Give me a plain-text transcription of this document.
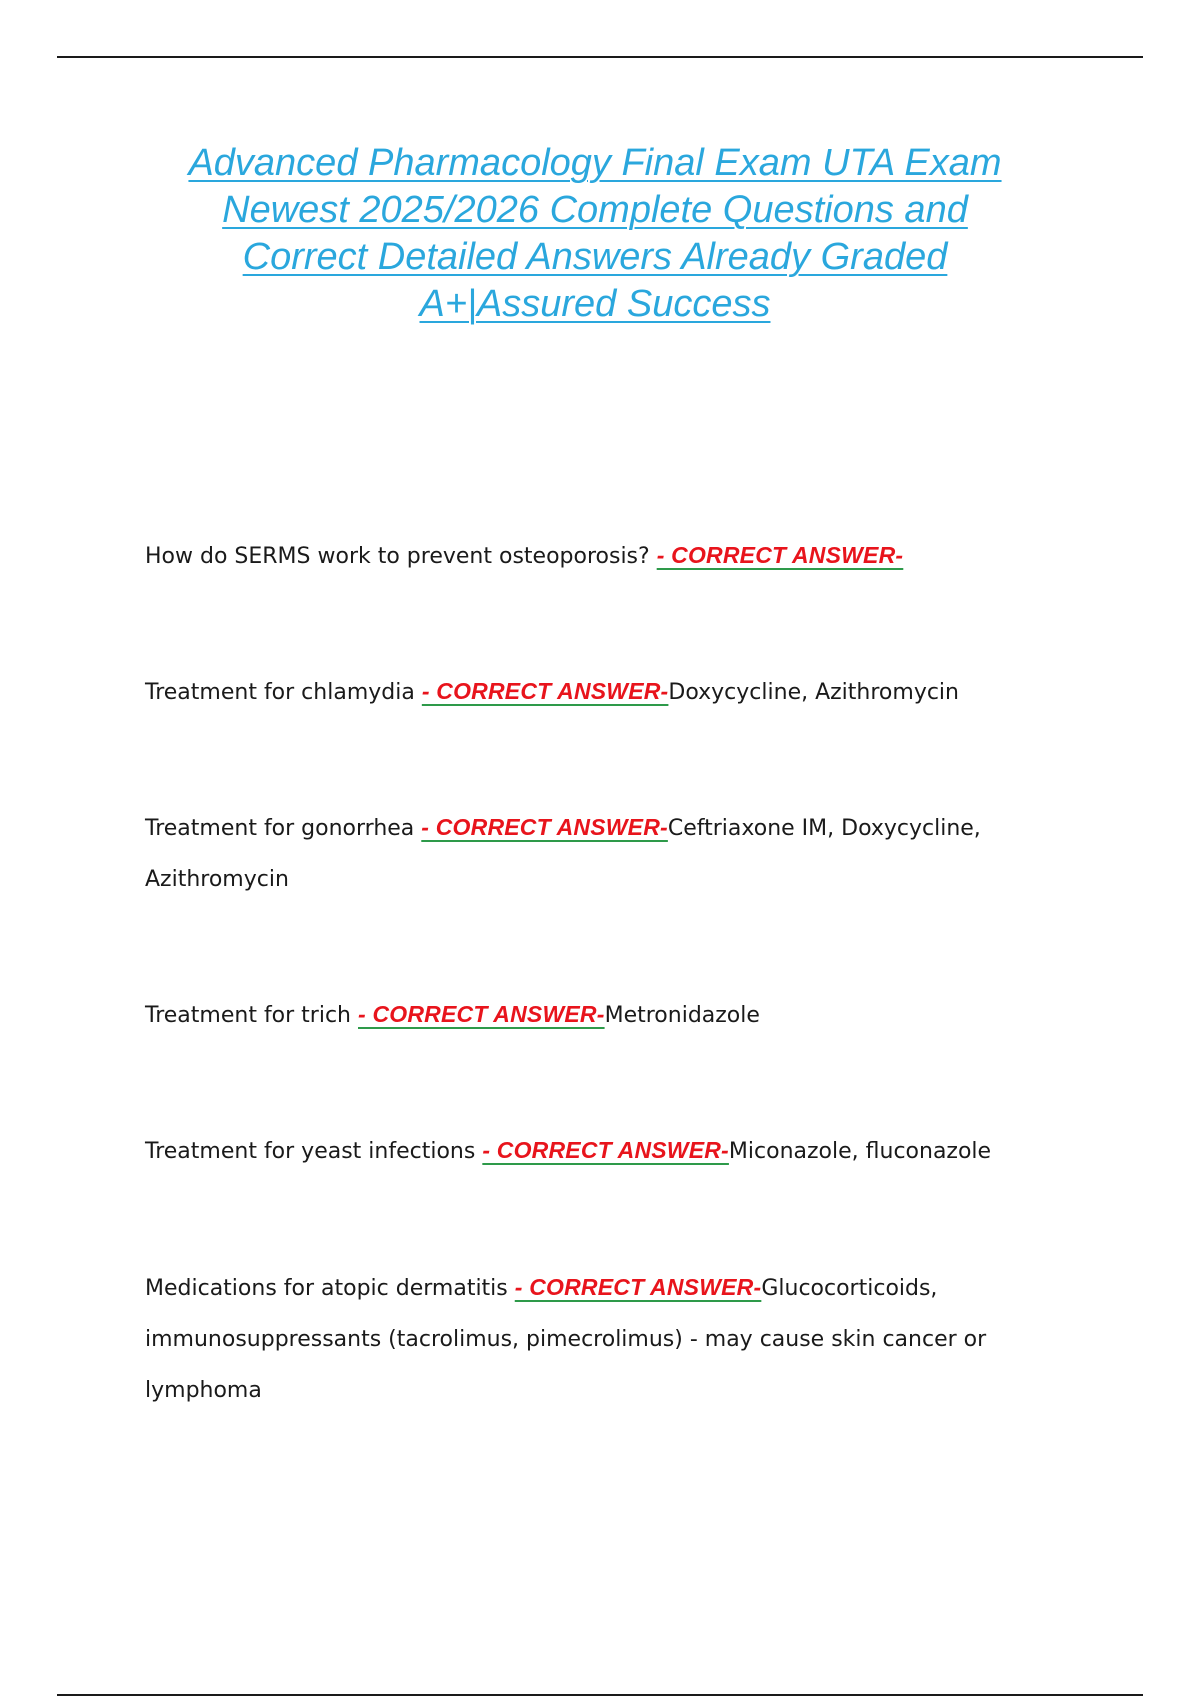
Advanced Pharmacology Final Exam UTA Exam
Newest 2025/2026 Complete Questions and
Correct Detailed Answers Already Graded
A+|Assured Success

How do SERMS work to prevent osteoporosis? - CORRECT ANSWER-

Treatment for chlamydia - CORRECT ANSWER-Doxycycline, Azithromycin

Treatment for gonorrhea - CORRECT ANSWER-Ceftriaxone IM, Doxycycline, Azithromycin

Treatment for trich - CORRECT ANSWER-Metronidazole

Treatment for yeast infections - CORRECT ANSWER-Miconazole, fluconazole

Medications for atopic dermatitis - CORRECT ANSWER-Glucocorticoids, immunosuppressants (tacrolimus, pimecrolimus) - may cause skin cancer or lymphoma
